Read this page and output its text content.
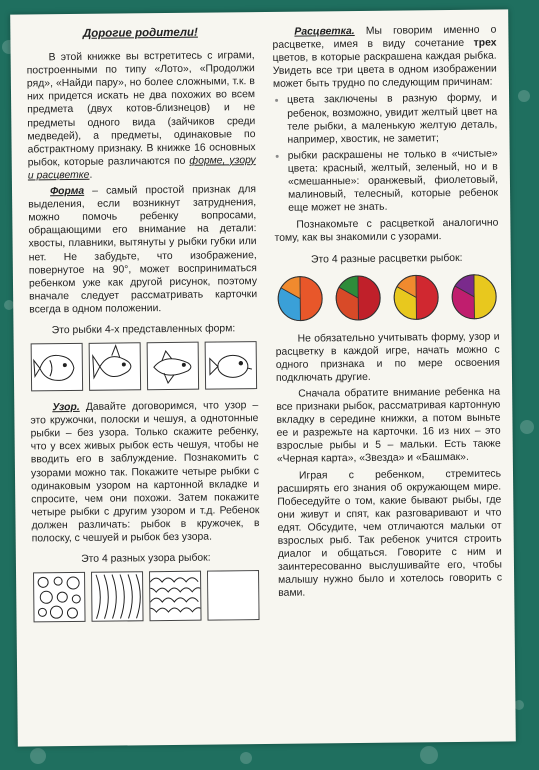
Дорогие родители!

В этой книжке вы встретитесь с играми, построенными по типу «Лото», «Продолжи ряд», «Найди пару», но более сложными, т.к. в них придется искать не два похожих во всем предмета (двух котов-близнецов) и не предметы одного вида (зайчиков среди медведей), а предметы, одинаковые по абстрактному признаку. В книжке 16 основных рыбок, которые различаются по форме, узору и расцветке.

Форма – самый простой признак для выделения, если возникнут затруднения, можно помочь ребенку вопросами, обращающими его внимание на детали: хвосты, плавники, вытянуты у рыбки губки или нет. Не забудьте, что изображение, повернутое на 90°, может восприниматься ребенком уже как другой рисунок, поэтому вначале следует рассматривать карточки всегда в одном положении.

Это рыбки 4-х представленных форм:

Узор. Давайте договоримся, что узор – это кружочки, полоски и чешуя, а однотонные рыбки – без узора. Только скажите ребенку, что у всех живых рыбок есть чешуя, чтобы не вводить его в заблуждение. Познакомить с узорами можно так. Покажите четыре рыбки с одинаковым узором на картонной вкладке и спросите, чем они похожи. Затем покажите четыре рыбки с другим узором и т.д. Ребенок должен различать: рыбок в кружочек, в полоску, с чешуей и рыбок без узора.

Это 4 разных узора рыбок:

Расцветка. Мы говорим именно о расцветке, имея в виду сочетание трех цветов, в которые раскрашена каждая рыбка. Увидеть все три цвета в одном изображении может быть трудно по следующим причинам:

• цвета заключены в разную форму, и ребенок, возможно, увидит желтый цвет на теле рыбки, а маленькую желтую деталь, например, хвостик, не заметит;
• рыбки раскрашены не только в «чистые» цвета: красный, желтый, зеленый, но и в «смешанные»: оранжевый, фиолетовый, малиновый, телесный, которые ребенок еще может не знать.

Познакомьте с расцветкой аналогично тому, как вы знакомили с узорами.

Это 4 разные расцветки рыбок:

Не обязательно учитывать форму, узор и расцветку в каждой игре, начать можно с одного признака и по мере освоения подключать другие.

Сначала обратите внимание ребенка на все признаки рыбок, рассматривая картонную вкладку в середине книжки, а потом выньте ее и разрежьте на карточки. 16 из них – это взрослые рыбы и 5 – мальки. Есть также «Черная карта», «Звезда» и «Башмак».

Играя с ребенком, стремитесь расширять его знания об окружающем мире. Побеседуйте о том, какие бывают рыбы, где они живут и спят, как разговаривают и что едят. Обсудите, чем отличаются мальки от взрослых рыб. Так ребенок учится строить диалог и общаться. Говорите с ним и заинтересованно выслушивайте его, чтобы малышу нужно было и хотелось говорить с вами.
